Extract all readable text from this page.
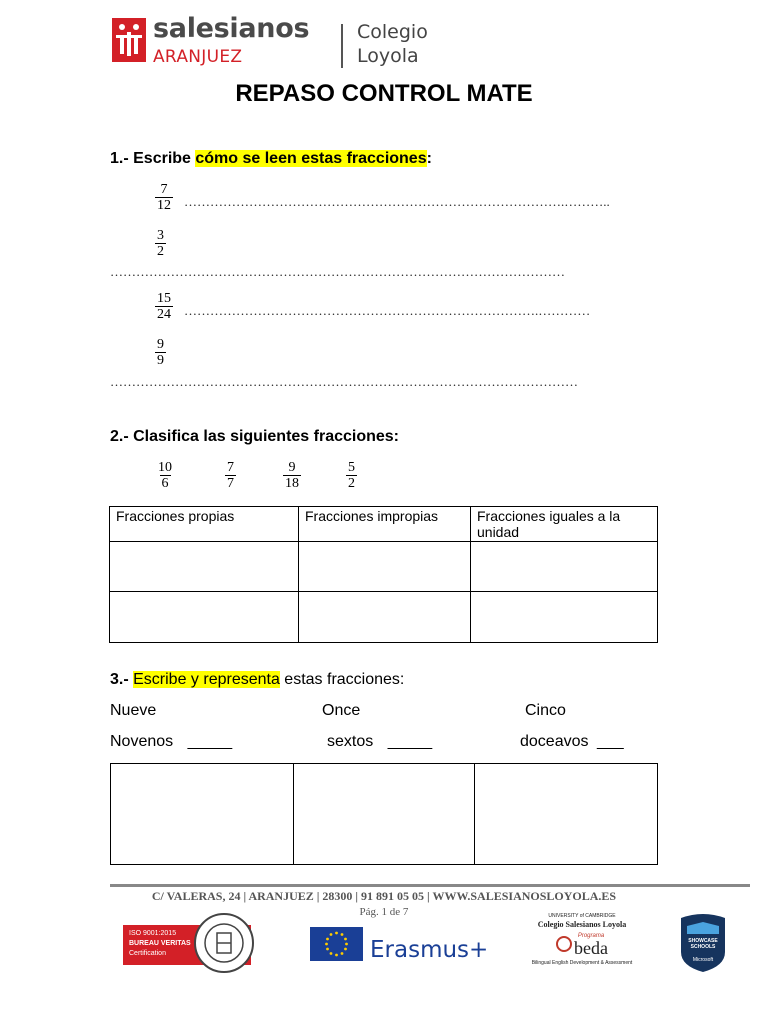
salesianos
ARANJUEZ
Colegio
Loyola
REPASO CONTROL MATE
1.- Escribe cómo se leen estas fracciones:
$\frac{7}{12}$ …………………………………………………………………………….………..
$\frac{3}{2}$
……………………………………………………………………………………………
$\frac{15}{24}$ ……………………………………………………………………….…………
$\frac{9}{9}$
………………………………………………………………………………………………
2.- Clasifica las siguientes fracciones:
$\frac{10}{6}$	$\frac{7}{7}$	$\frac{9}{18}$	$\frac{5}{2}$
Fracciones propias	Fracciones impropias	Fracciones iguales a la unidad

3.- Escribe y representa estas fracciones:
Nueve	Once	Cinco
Novenos _____	sextos _____	doceavos ___

C/ VALERAS, 24 | ARANJUEZ | 28300 | 91 891 05 05 | WWW.SALESIANOSLOYOLA.ES
Pág. 1 de 7
ISO 9001:2015
BUREAU VERITAS
Certification	Erasmus+
UNIVERSITY of CAMBRIDGE
Colegio Salesianos Loyola
Programa
beda
Bilingual English Development & Assessment
SHOWCASE SCHOOLS
Microsoft
